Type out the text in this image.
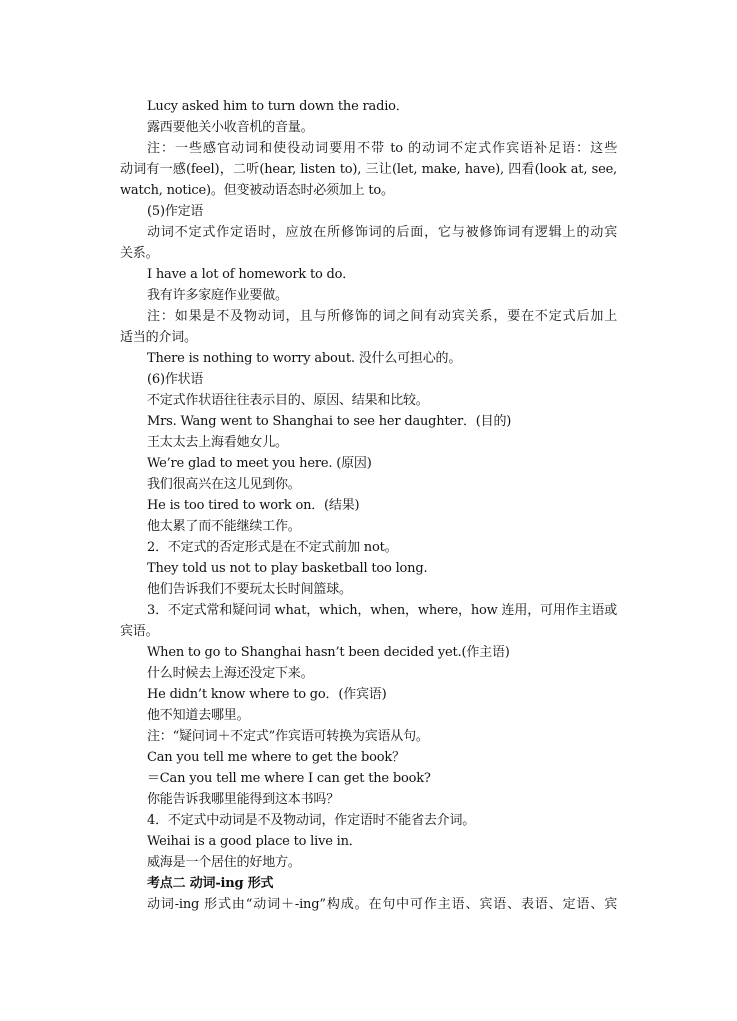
Lucy asked him to turn down the radio．
露西要他关小收音机的音量。
注：一些感官动词和使役动词要用不带 to 的动词不定式作宾语补足语：这些
动词有一感(feel)，二听(hear, listen to), 三让(let, make, have), 四看(look at, see,
watch, notice)。但变被动语态时必须加上 to。
(5)作定语
动词不定式作定语时，应放在所修饰词的后面，它与被修饰词有逻辑上的动宾
关系。
I have a lot of homework to do．
我有许多家庭作业要做。
注：如果是不及物动词，且与所修饰的词之间有动宾关系，要在不定式后加上
适当的介词。
There is nothing to worry about. 没什么可担心的。
(6)作状语
不定式作状语往往表示目的、原因、结果和比较。
Mrs. Wang went to Shanghai to see her daughter．(目的)
王太太去上海看她女儿。
We’re glad to meet you here. (原因)
我们很高兴在这儿见到你。
He is too tired to work on．(结果)
他太累了而不能继续工作。
2．不定式的否定形式是在不定式前加 not。
They told us not to play basketball too long.
他们告诉我们不要玩太长时间篮球。
3．不定式常和疑问词 what，which，when，where，how 连用，可用作主语或
宾语。
When to go to Shanghai hasn’t been decided yet.(作主语)
什么时候去上海还没定下来。
He didn’t know where to go．(作宾语)
他不知道去哪里。
注：“疑问词＋不定式”作宾语可转换为宾语从句。
Can you tell me where to get the book？
＝Can you tell me where I can get the book?
你能告诉我哪里能得到这本书吗？
4．不定式中动词是不及物动词，作定语时不能省去介词。
Weihai is a good place to live in．
威海是一个居住的好地方。
考点二 动词-ing 形式
动词-ing 形式由“动词＋-ing”构成。在句中可作主语、宾语、表语、定语、宾
